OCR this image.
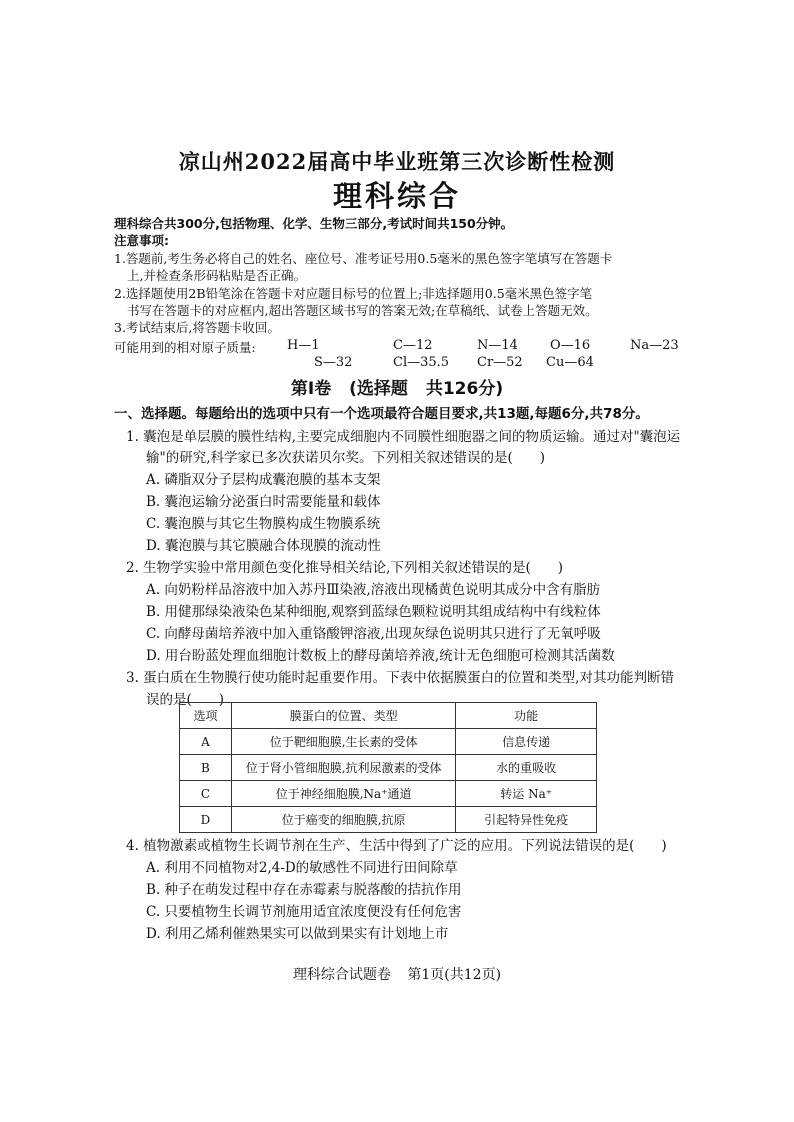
凉山州2022届高中毕业班第三次诊断性检测
理科综合
理科综合共300分,包括物理、化学、生物三部分,考试时间共150分钟。
注意事项:
1.答题前,考生务必将自己的姓名、座位号、准考证号用0.5毫米的黑色签字笔填写在答题卡
上,并检查条形码粘贴是否正确。
2.选择题使用2B铅笔涂在答题卡对应题目标号的位置上;非选择题用0.5毫米黑色签字笔
书写在答题卡的对应框内,超出答题区域书写的答案无效;在草稿纸、试卷上答题无效。
3.考试结束后,将答题卡收回。
可能用到的相对原子质量: H—1	C—12	N—14 O—16	Na—23
S—32	Cl—35.5 Cr—52 Cu—64
第Ⅰ卷 (选择题 共126分)
一、选择题。每题给出的选项中只有一个选项最符合题目要求,共13题,每题6分,共78分。
1. 囊泡是单层膜的膜性结构,主要完成细胞内不同膜性细胞器之间的物质运输。通过对"囊泡运
输"的研究,科学家已多次获诺贝尔奖。下列相关叙述错误的是(　　)
A. 磷脂双分子层构成囊泡膜的基本支架
B. 囊泡运输分泌蛋白时需要能量和载体
C. 囊泡膜与其它生物膜构成生物膜系统
D. 囊泡膜与其它膜融合体现膜的流动性
2. 生物学实验中常用颜色变化推导相关结论,下列相关叙述错误的是(　　)
A. 向奶粉样品溶液中加入苏丹Ⅲ染液,溶液出现橘黄色说明其成分中含有脂肪
B. 用健那绿染液染色某种细胞,观察到蓝绿色颗粒说明其组成结构中有线粒体
C. 向酵母菌培养液中加入重铬酸钾溶液,出现灰绿色说明其只进行了无氧呼吸
D. 用台盼蓝处理血细胞计数板上的酵母菌培养液,统计无色细胞可检测其活菌数
3. 蛋白质在生物膜行使功能时起重要作用。下表中依据膜蛋白的位置和类型,对其功能判断错
误的是(　　)
选项	膜蛋白的位置、类型	功能
A	位于靶细胞膜,生长素的受体	信息传递
B	位于肾小管细胞膜,抗利尿激素的受体	水的重吸收
C	位于神经细胞膜,Na⁺通道	转运 Na⁺
D	位于癌变的细胞膜,抗原	引起特异性免疫
4. 植物激素或植物生长调节剂在生产、生活中得到了广泛的应用。下列说法错误的是(　　)
A. 利用不同植物对2,4-D的敏感性不同进行田间除草
B. 种子在萌发过程中存在赤霉素与脱落酸的拮抗作用
C. 只要植物生长调节剂施用适宜浓度便没有任何危害
D. 利用乙烯利催熟果实可以做到果实有计划地上市
理科综合试题卷 第1页(共12页)
